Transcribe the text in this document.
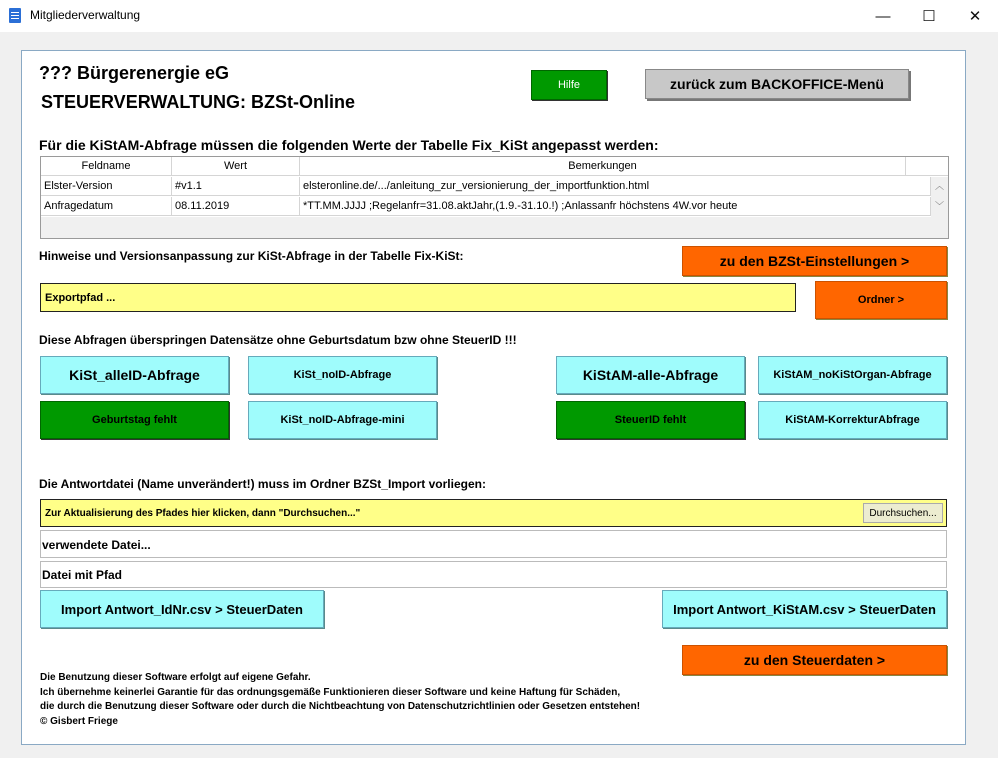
Mitgliederverwaltung	—	☐	✕
??? Bürgerenergie eG
STEUERVERWALTUNG: BZSt-Online
Hilfe	zurück zum BACKOFFICE-Menü
Für die KiStAM-Abfrage müssen die folgenden Werte der Tabelle Fix_KiSt angepasst werden:
Feldname	Wert	Bemerkungen
Elster-Version	#v1.1	elsteronline.de/.../anleitung_zur_versionierung_der_importfunktion.html
Anfragedatum	08.11.2019	*TT.MM.JJJJ ;Regelanfr=31.08.aktJahr,(1.9.-31.10.!) ;Anlassanfr höchstens 4W.vor heute
︿
﹀
Hinweise und Versionsanpassung zur KiSt-Abfrage in der Tabelle Fix-KiSt:	zu den BZSt-Einstellungen >
Exportpfad ...	Ordner >
Diese Abfragen überspringen Datensätze ohne Geburtsdatum bzw ohne SteuerID !!!
KiSt_alleID-Abfrage	KiSt_noID-Abfrage	KiStAM-alle-Abfrage	KiStAM_noKiStOrgan-Abfrage
Geburtstag fehlt	KiSt_noID-Abfrage-mini	SteuerID fehlt	KiStAM-KorrekturAbfrage
Die Antwortdatei (Name unverändert!) muss im Ordner BZSt_Import vorliegen:
Zur Aktualisierung des Pfades hier klicken, dann "Durchsuchen..."	Durchsuchen...
verwendete Datei...
Datei mit Pfad
Import Antwort_IdNr.csv > SteuerDaten	Import Antwort_KiStAM.csv > SteuerDaten
zu den Steuerdaten >
Die Benutzung dieser Software erfolgt auf eigene Gefahr.
Ich übernehme keinerlei Garantie für das ordnungsgemäße Funktionieren dieser Software und keine Haftung für Schäden,
die durch die Benutzung dieser Software oder durch die Nichtbeachtung von Datenschutzrichtlinien oder Gesetzen entstehen!
© Gisbert Friege
